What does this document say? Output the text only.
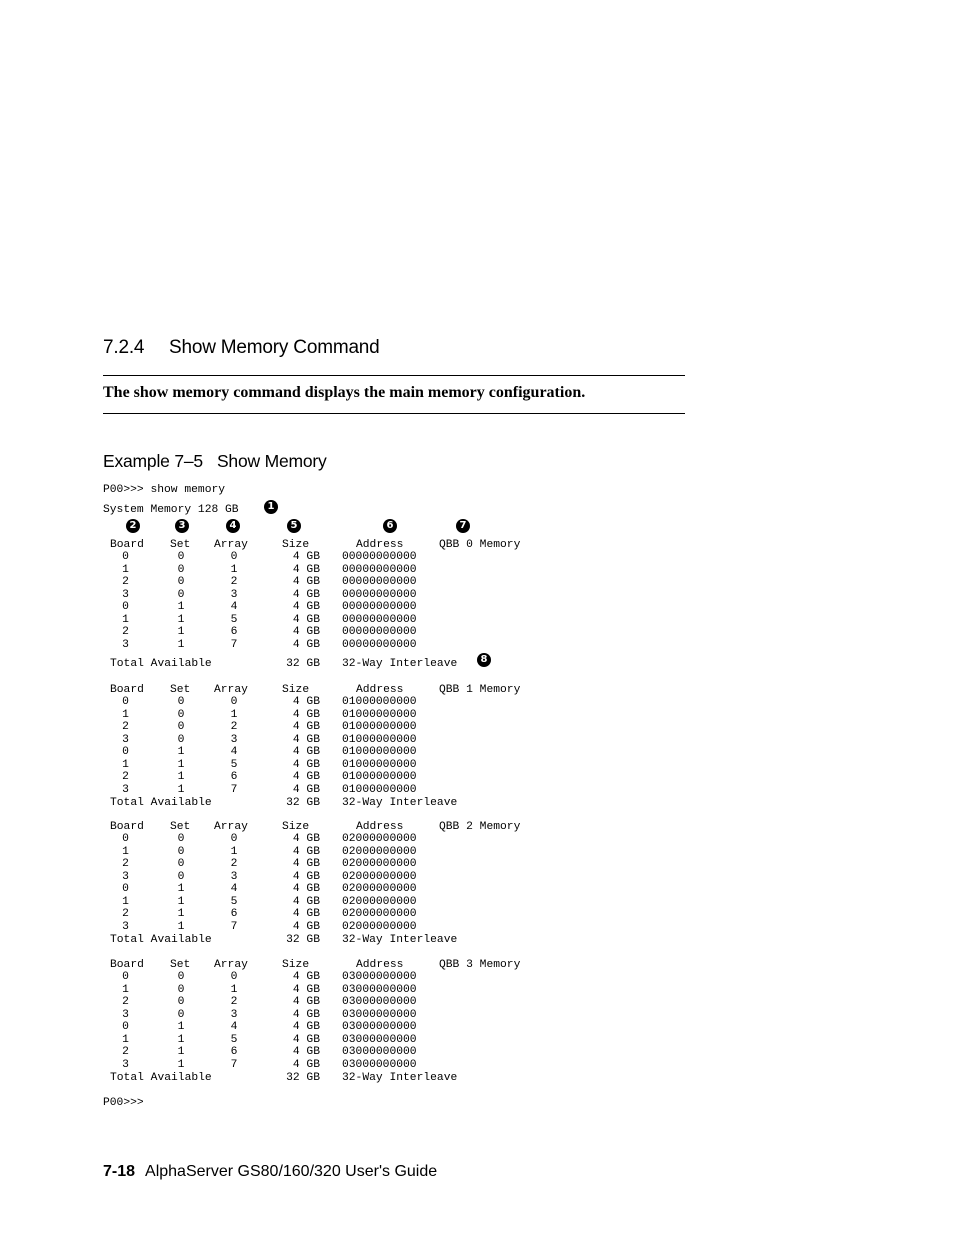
7.2.4 Show Memory Command
The show memory command displays the main memory configuration.
Example 7–5 Show Memory
P00>>> show memory
System Memory 128 GB	1
2	3	4	5	6	7
8
Board Set Array	Size	Address	QBB 0 Memory
0	0	0	4 GB 00000000000
1	0	1	4 GB 00000000000
2	0	2	4 GB 00000000000
3	0	3	4 GB 00000000000
0	1	4	4 GB 00000000000
1	1	5	4 GB 00000000000
2	1	6	4 GB 00000000000
3	1	7	4 GB 00000000000
Total Available	32 GB 32-Way Interleave
Board Set Array	Size	Address	QBB 1 Memory
0	0	0	4 GB 01000000000
1	0	1	4 GB 01000000000
2	0	2	4 GB 01000000000
3	0	3	4 GB 01000000000
0	1	4	4 GB 01000000000
1	1	5	4 GB 01000000000
2	1	6	4 GB 01000000000
3	1	7	4 GB 01000000000
Total Available	32 GB 32-Way Interleave
Board Set Array	Size	Address	QBB 2 Memory
0	0	0	4 GB 02000000000
1	0	1	4 GB 02000000000
2	0	2	4 GB 02000000000
3	0	3	4 GB 02000000000
0	1	4	4 GB 02000000000
1	1	5	4 GB 02000000000
2	1	6	4 GB 02000000000
3	1	7	4 GB 02000000000
Total Available	32 GB 32-Way Interleave
Board Set Array	Size	Address	QBB 3 Memory
0	0	0	4 GB 03000000000
1	0	1	4 GB 03000000000
2	0	2	4 GB 03000000000
3	0	3	4 GB 03000000000
0	1	4	4 GB 03000000000
1	1	5	4 GB 03000000000
2	1	6	4 GB 03000000000
3	1	7	4 GB 03000000000
Total Available	32 GB 32-Way Interleave
P00>>>
7-18 AlphaServer GS80/160/320 User's Guide
